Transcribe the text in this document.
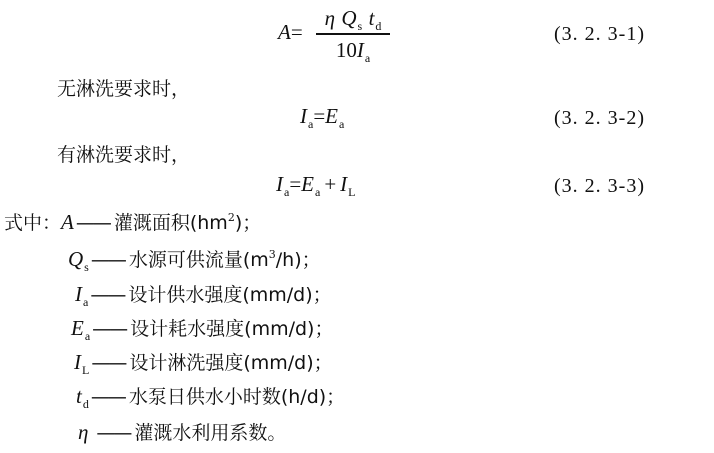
A=
η $Q_s$ $t_d$
$10I_a$
(3. 2. 3-1)
无淋洗要求时，
$I_a=E_a$	(3. 2. 3-2)
有淋洗要求时，
$I_a=E_a + I_L$	(3. 2. 3-3)
式中：A —— 灌溉面积$(hm^2)$；
$Q_s$ —— 水源可供流量$(m^3/h)$；
$I_a$ —— 设计供水强度(mm/d)；
$E_a$ —— 设计耗水强度(mm/d)；
$I_L$ —— 设计淋洗强度(mm/d)；
$t_d$ —— 水泵日供水小时数(h/d)；
η —— 灌溉水利用系数。
